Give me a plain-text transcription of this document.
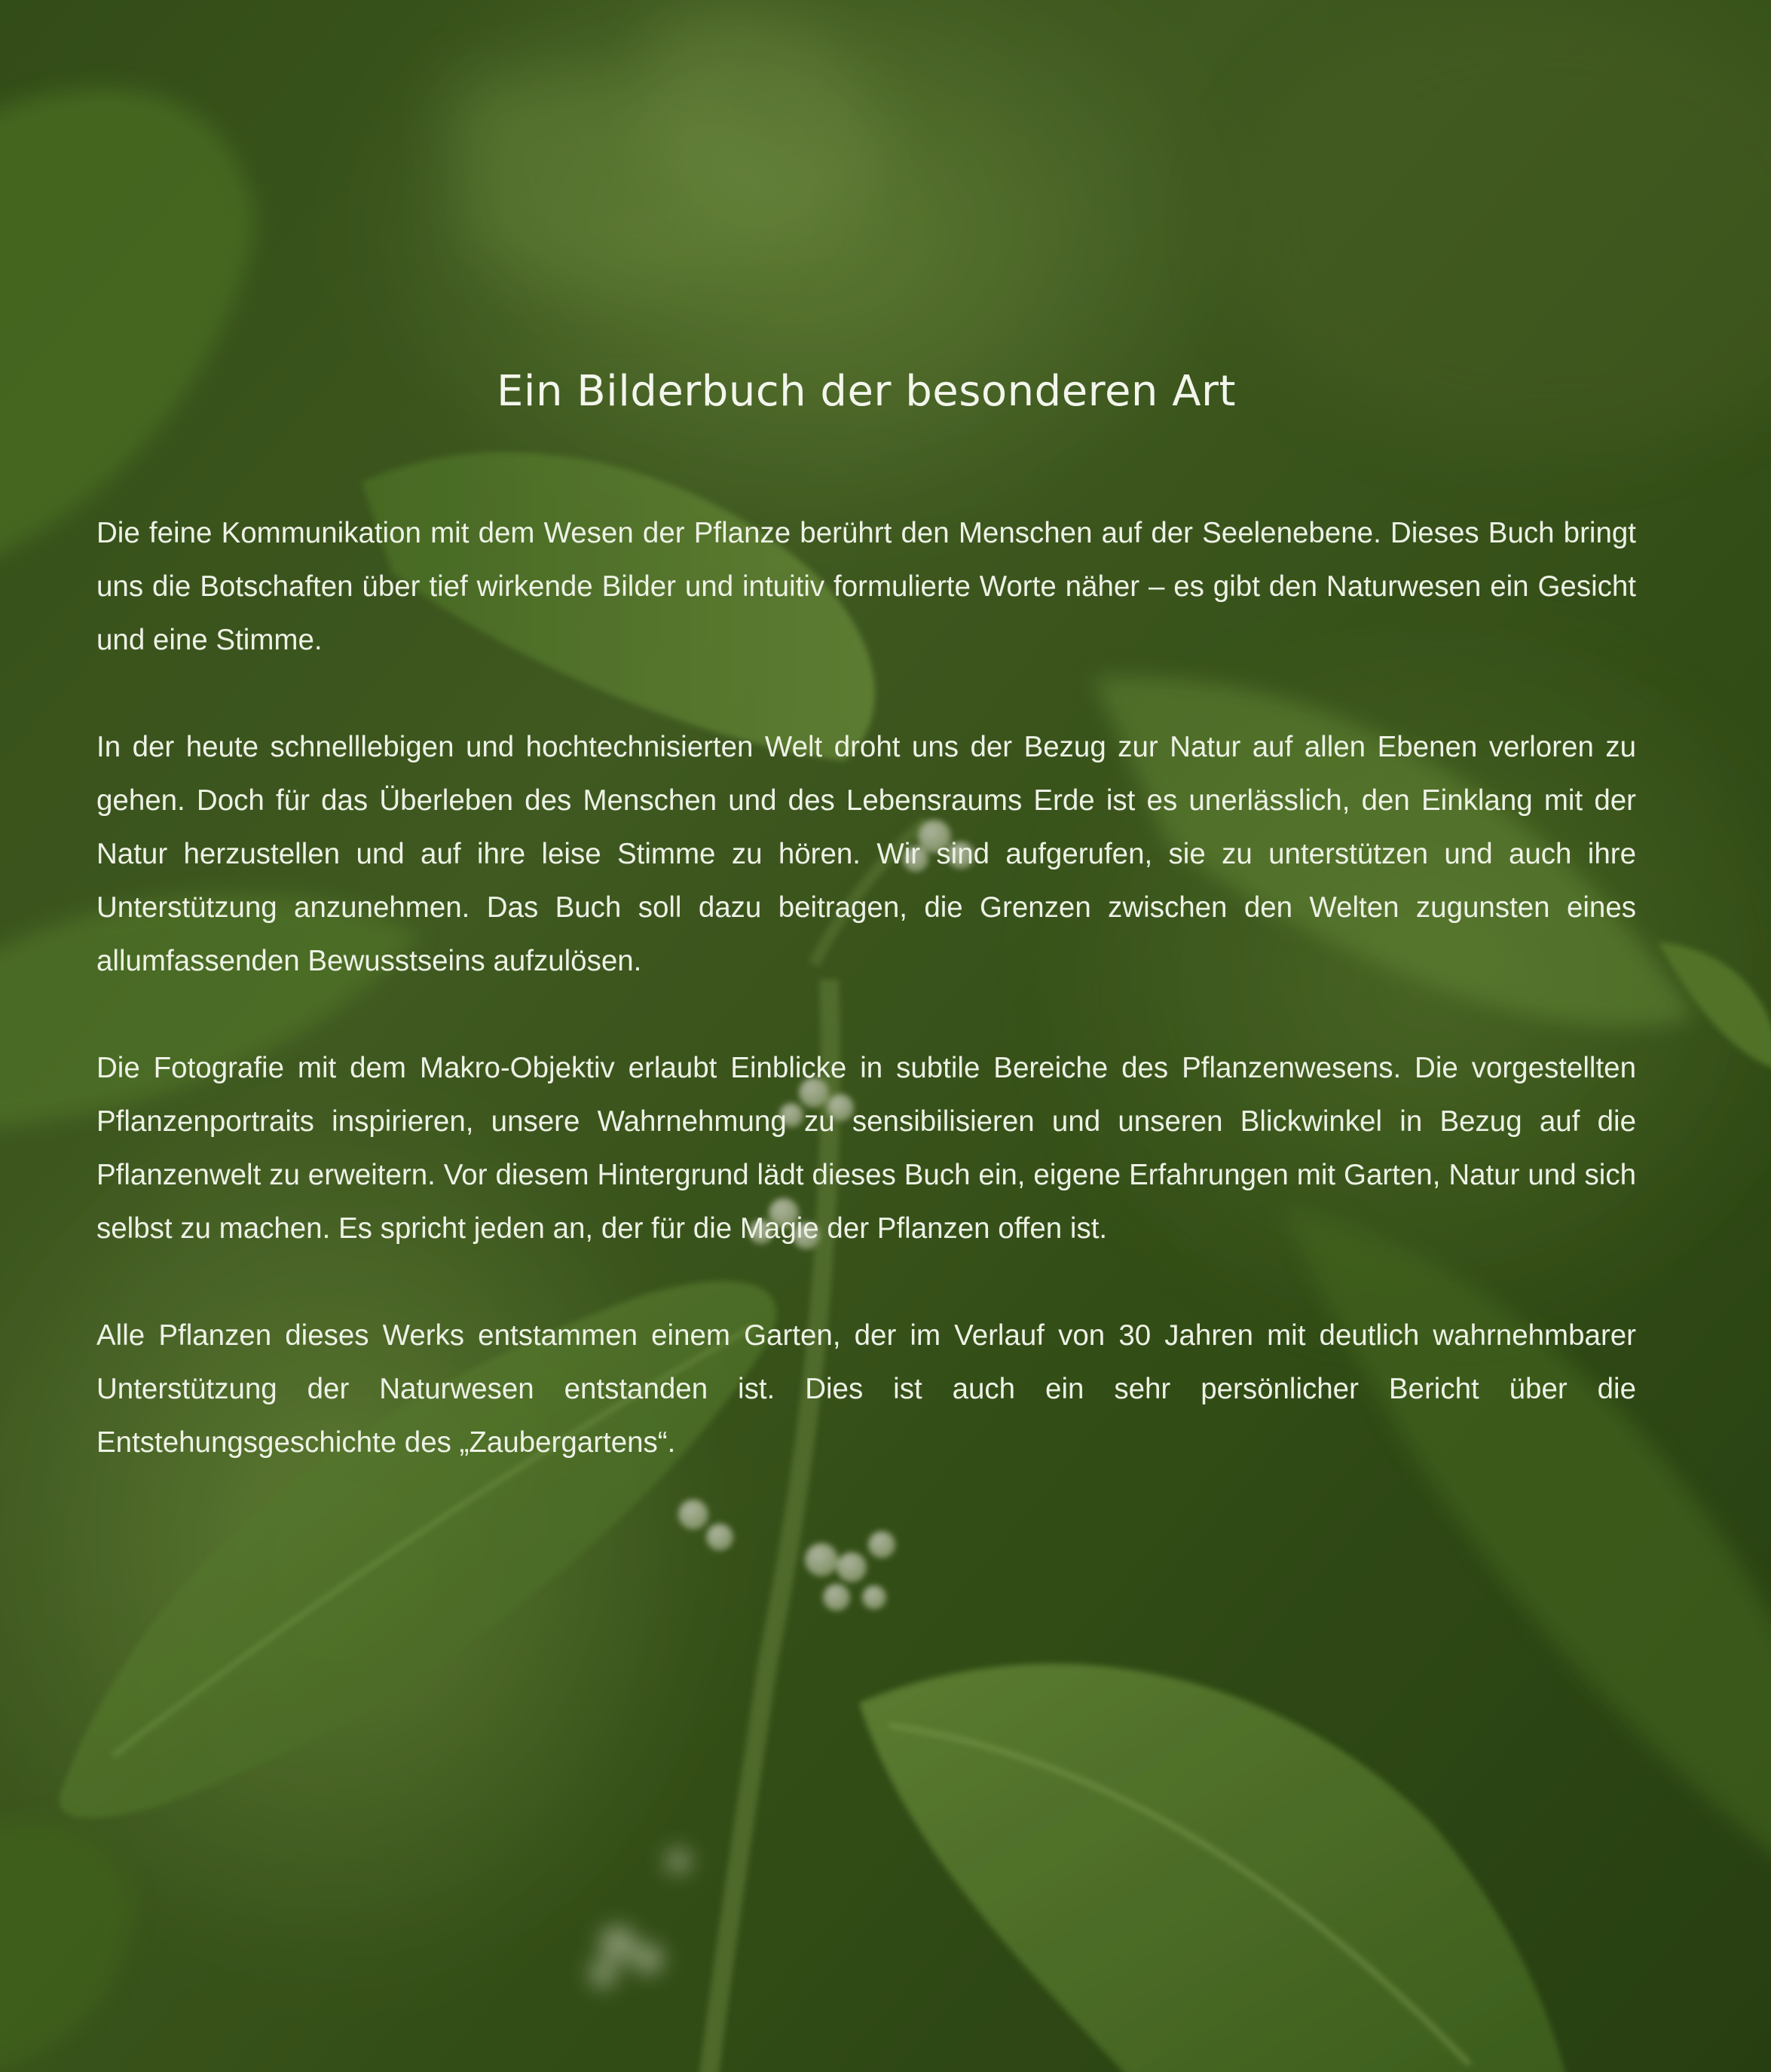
Ein Bilderbuch der besonderen Art

Die feine Kommunikation mit dem Wesen der Pflanze berührt den Menschen auf der Seelenebene. Dieses Buch bringt uns die Botschaften über tief wirkende Bilder und intuitiv formulierte Worte näher – es gibt den Naturwesen ein Gesicht und eine Stimme.

In der heute schnelllebigen und hochtechnisierten Welt droht uns der Bezug zur Natur auf allen Ebenen verloren zu gehen. Doch für das Überleben des Menschen und des Lebensraums Erde ist es unerlässlich, den Einklang mit der Natur herzustellen und auf ihre leise Stimme zu hören. Wir sind aufgerufen, sie zu unterstützen und auch ihre Unterstützung anzunehmen. Das Buch soll dazu beitragen, die Grenzen zwischen den Welten zugunsten eines allumfassenden Bewusstseins aufzulösen.

Die Fotografie mit dem Makro-Objektiv erlaubt Einblicke in subtile Bereiche des Pflanzenwesens. Die vorgestellten Pflanzenportraits inspirieren, unsere Wahrnehmung zu sensibilisieren und unseren Blickwinkel in Bezug auf die Pflanzenwelt zu erweitern. Vor diesem Hintergrund lädt dieses Buch ein, eigene Erfahrungen mit Garten, Natur und sich selbst zu machen. Es spricht jeden an, der für die Magie der Pflanzen offen ist.

Alle Pflanzen dieses Werks entstammen einem Garten, der im Verlauf von 30 Jahren mit deutlich wahrnehmbarer Unterstützung der Naturwesen entstanden ist. Dies ist auch ein sehr persönlicher Bericht über die Entstehungsgeschichte des „Zaubergartens“.
